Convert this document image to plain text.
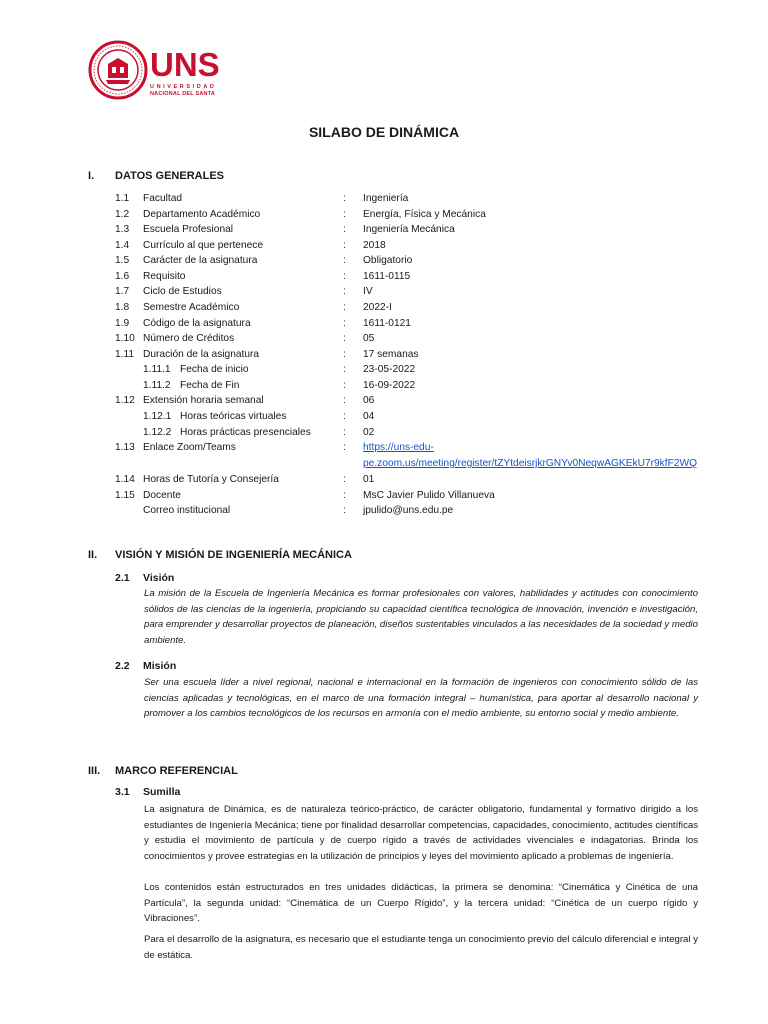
UNS
UNIVERSIDAD
NACIONAL DEL SANTA
SILABO DE DINÁMICA
I. DATOS GENERALES
1.1 Facultad	: Ingeniería
1.2 Departamento Académico	: Energía, Física y Mecánica
1.3 Escuela Profesional	: Ingeniería Mecánica
1.4 Currículo al que pertenece	: 2018
1.5 Carácter de la asignatura	: Obligatorio
1.6 Requisito	: 1611-0115
1.7 Ciclo de Estudios	: IV
1.8 Semestre Académico	: 2022-I
1.9 Código de la asignatura	: 1611-0121
1.10 Número de Créditos	: 05
1.11 Duración de la asignatura	: 17 semanas
1.11.1 Fecha de inicio	: 23-05-2022
1.11.2 Fecha de Fin	: 16-09-2022
1.12 Extensión horaria semanal	: 06
1.12.1 Horas teóricas virtuales	: 04
1.12.2 Horas prácticas presenciales	: 02
1.13 Enlace Zoom/Teams	: https://uns-edu-
pe.zoom.us/meeting/register/tZYtdeisrjkrGNYv0NeqwAGKEkU7r9kfF2WQ
1.14 Horas de Tutoría y Consejería	: 01
1.15 Docente	: MsC Javier Pulido Villanueva
Correo institucional	: jpulido@uns.edu.pe
II. VISIÓN Y MISIÓN DE INGENIERÍA MECÁNICA
2.1 Visión
La misión de la Escuela de Ingeniería Mecánica es formar profesionales con valores, habilidades y actitudes con conocimiento sólidos de las ciencias de la ingeniería, propiciando su capacidad científica tecnológica de innovación, invención e investigación, para emprender y desarrollar proyectos de planeación, diseños sustentables vinculados a las necesidades de la sociedad y medio ambiente.
2.2 Misión
Ser una escuela líder a nivel regional, nacional e internacional en la formación de ingenieros con conocimiento sólido de las ciencias aplicadas y tecnológicas, en el marco de una formación integral – humanística, para aportar al desarrollo nacional y promover a los cambios tecnológicos de los recursos en armonía con el medio ambiente, su entorno social y medio ambiente.
III. MARCO REFERENCIAL
3.1 Sumilla
La asignatura de Dinámica, es de naturaleza teórico-práctico, de carácter obligatorio, fundamental y formativo dirigido a los estudiantes de Ingeniería Mecánica; tiene por finalidad desarrollar competencias, capacidades, conocimiento, actitudes científicas y estudia el movimiento de partícula y de cuerpo rígido a través de actividades vivenciales e indagatorias. Brinda los conocimientos y provee estrategias en la utilización de principios y leyes del movimiento aplicado a problemas de ingeniería.
Los contenidos están estructurados en tres unidades didácticas, la primera se denomina: “Cinemática y Cinética de una Partícula”, la segunda unidad: “Cinemática de un Cuerpo Rígido”, y la tercera unidad: “Cinética de un cuerpo rígido y Vibraciones”.
Para el desarrollo de la asignatura, es necesario que el estudiante tenga un conocimiento previo del cálculo diferencial e integral y de estática.
